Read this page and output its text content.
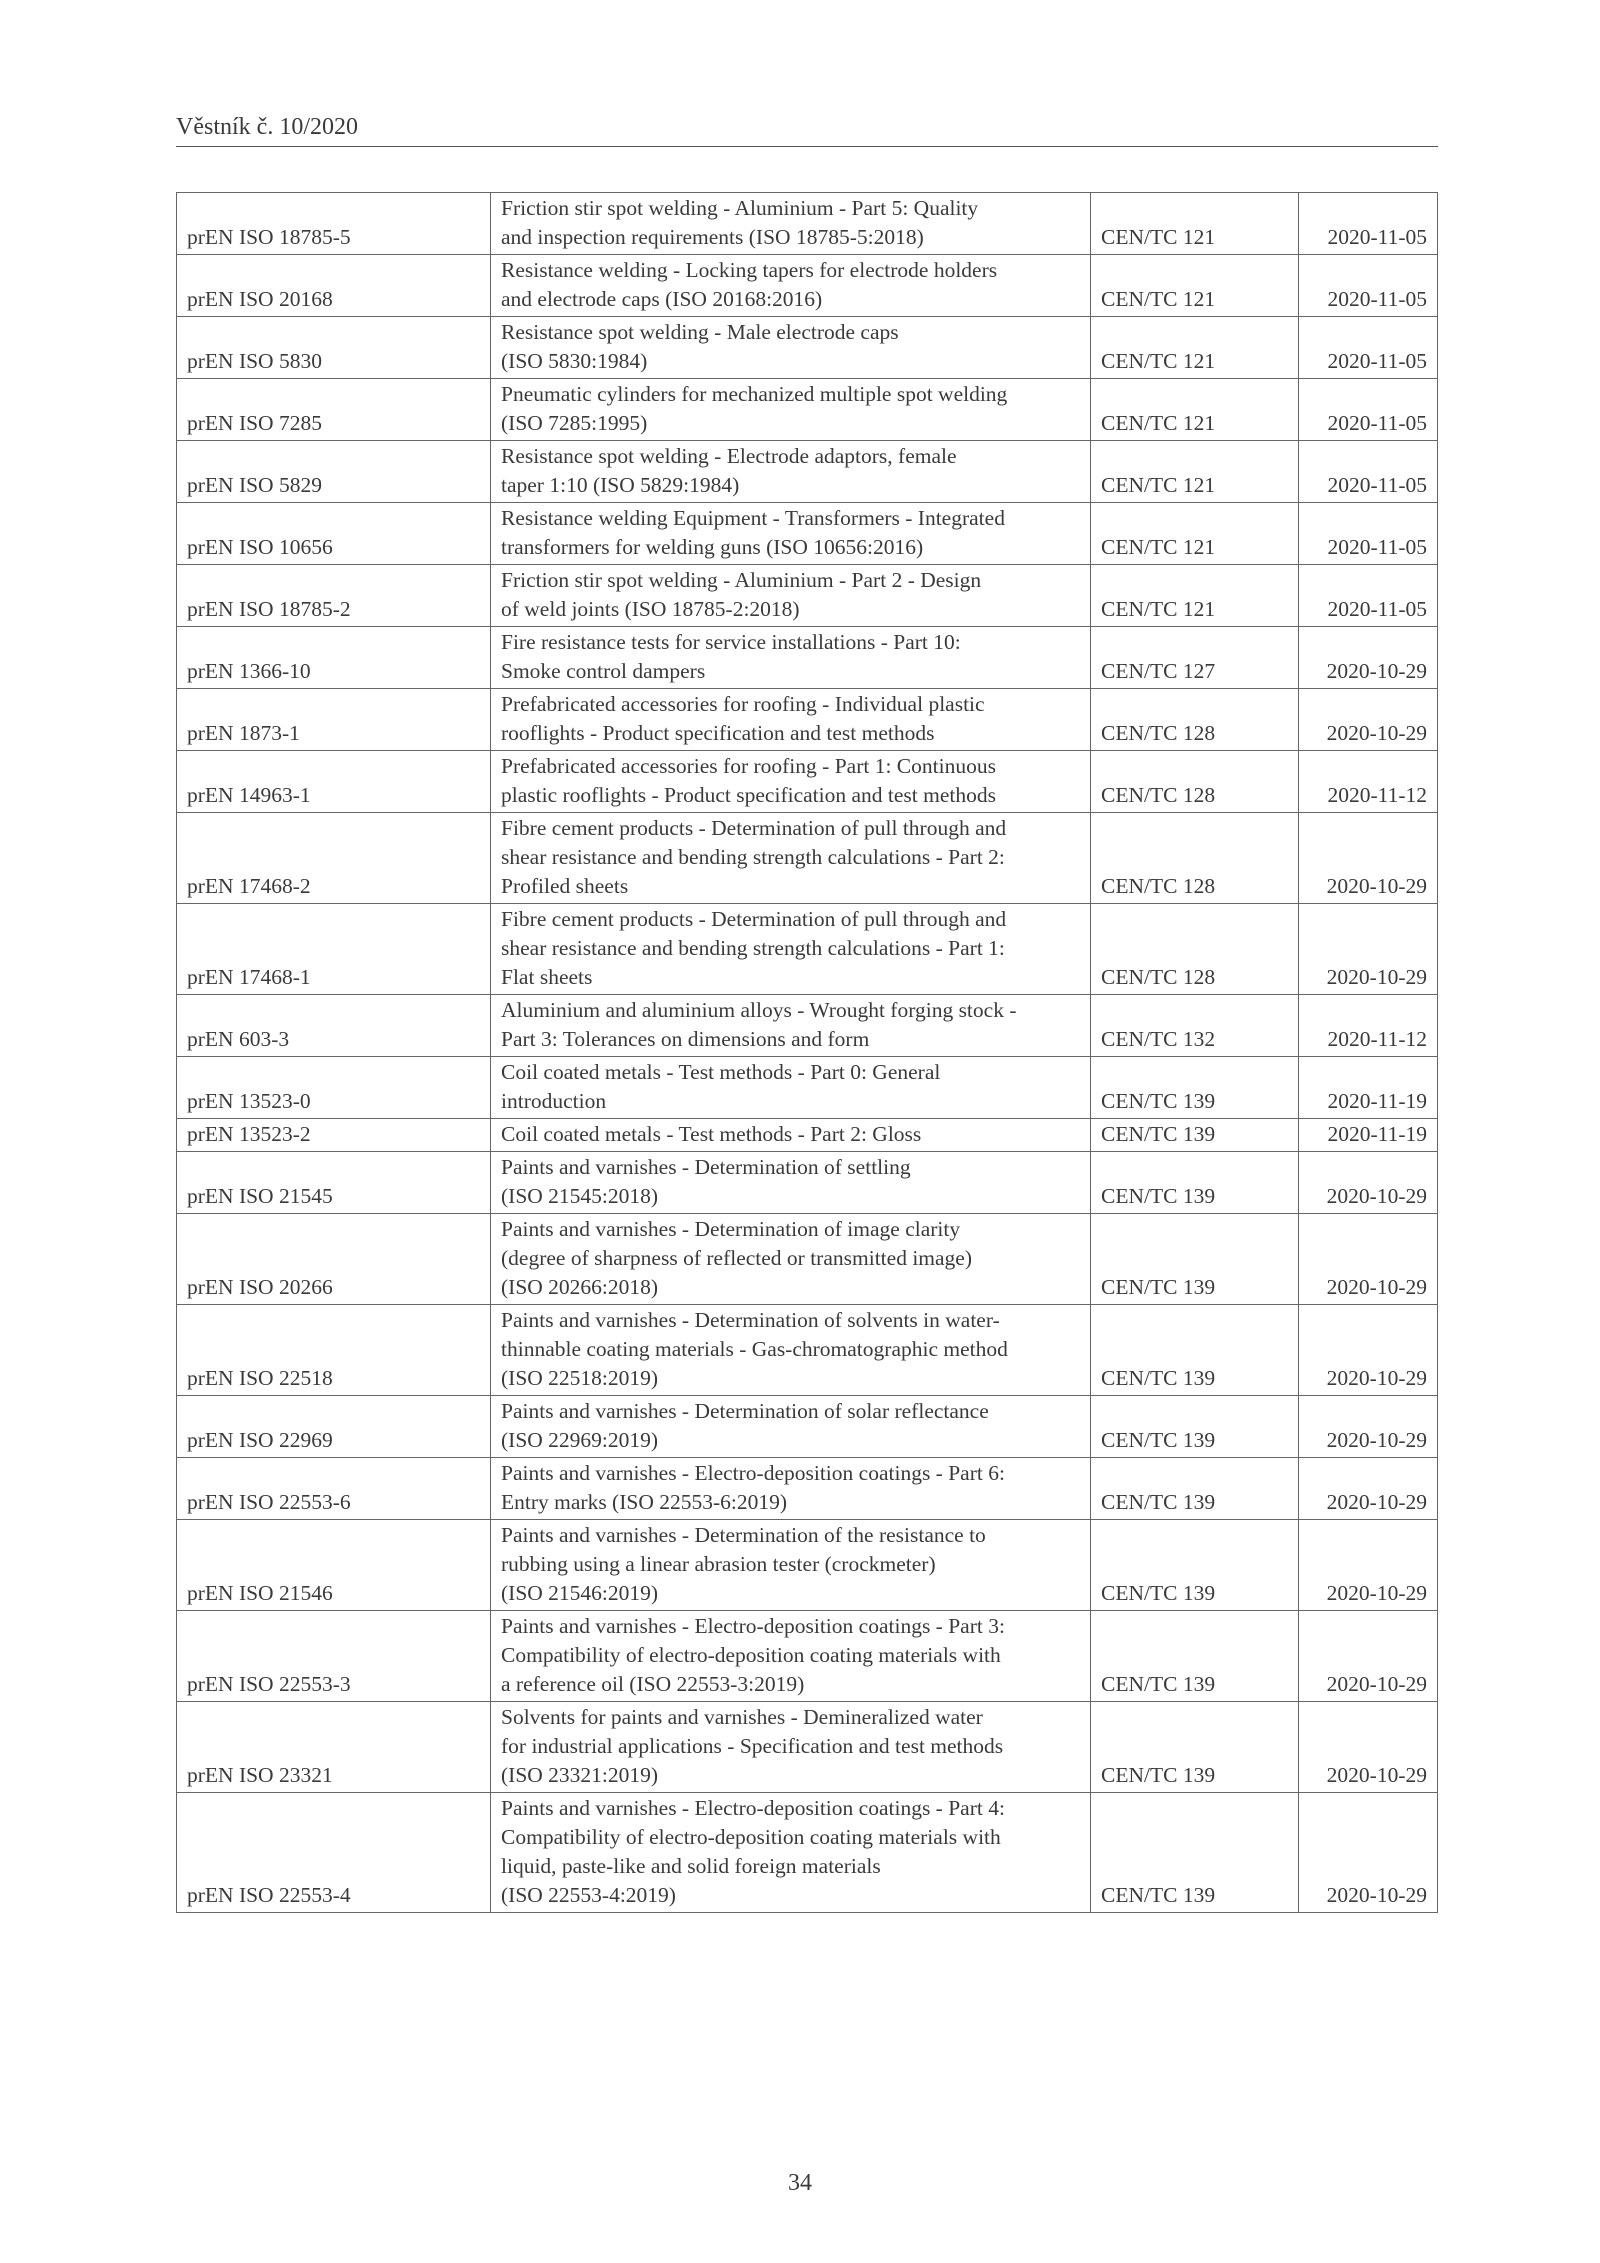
Věstník č. 10/2020
prEN ISO 18785-5	Friction stir spot welding - Aluminium - Part 5: Quality
and inspection requirements (ISO 18785-5:2018)	CEN/TC 121	2020-11-05
prEN ISO 20168	Resistance welding - Locking tapers for electrode holders
and electrode caps (ISO 20168:2016)	CEN/TC 121	2020-11-05
prEN ISO 5830	Resistance spot welding - Male electrode caps
(ISO 5830:1984)	CEN/TC 121	2020-11-05
prEN ISO 7285	Pneumatic cylinders for mechanized multiple spot welding
(ISO 7285:1995)	CEN/TC 121	2020-11-05
prEN ISO 5829	Resistance spot welding - Electrode adaptors, female
taper 1:10 (ISO 5829:1984)	CEN/TC 121	2020-11-05
prEN ISO 10656	Resistance welding Equipment - Transformers - Integrated
transformers for welding guns (ISO 10656:2016)	CEN/TC 121	2020-11-05
prEN ISO 18785-2	Friction stir spot welding - Aluminium - Part 2 - Design
of weld joints (ISO 18785-2:2018)	CEN/TC 121	2020-11-05
prEN 1366-10	Fire resistance tests for service installations - Part 10:
Smoke control dampers	CEN/TC 127	2020-10-29
prEN 1873-1	Prefabricated accessories for roofing - Individual plastic
rooflights - Product specification and test methods	CEN/TC 128	2020-10-29
prEN 14963-1	Prefabricated accessories for roofing - Part 1: Continuous
plastic rooflights - Product specification and test methods	CEN/TC 128	2020-11-12
prEN 17468-2	Fibre cement products - Determination of pull through and
shear resistance and bending strength calculations - Part 2:
Profiled sheets	CEN/TC 128	2020-10-29
prEN 17468-1	Fibre cement products - Determination of pull through and
shear resistance and bending strength calculations - Part 1:
Flat sheets	CEN/TC 128	2020-10-29
prEN 603-3	Aluminium and aluminium alloys - Wrought forging stock -
Part 3: Tolerances on dimensions and form	CEN/TC 132	2020-11-12
prEN 13523-0	Coil coated metals - Test methods - Part 0: General
introduction	CEN/TC 139	2020-11-19
prEN 13523-2	Coil coated metals - Test methods - Part 2: Gloss	CEN/TC 139	2020-11-19
prEN ISO 21545	Paints and varnishes - Determination of settling
(ISO 21545:2018)	CEN/TC 139	2020-10-29
prEN ISO 20266	Paints and varnishes - Determination of image clarity
(degree of sharpness of reflected or transmitted image)
(ISO 20266:2018)	CEN/TC 139	2020-10-29
prEN ISO 22518	Paints and varnishes - Determination of solvents in water-
thinnable coating materials - Gas-chromatographic method
(ISO 22518:2019)	CEN/TC 139	2020-10-29
prEN ISO 22969	Paints and varnishes - Determination of solar reflectance
(ISO 22969:2019)	CEN/TC 139	2020-10-29
prEN ISO 22553-6	Paints and varnishes - Electro-deposition coatings - Part 6:
Entry marks (ISO 22553-6:2019)	CEN/TC 139	2020-10-29
prEN ISO 21546	Paints and varnishes - Determination of the resistance to
rubbing using a linear abrasion tester (crockmeter)
(ISO 21546:2019)	CEN/TC 139	2020-10-29
prEN ISO 22553-3	Paints and varnishes - Electro-deposition coatings - Part 3:
Compatibility of electro-deposition coating materials with
a reference oil (ISO 22553-3:2019)	CEN/TC 139	2020-10-29
prEN ISO 23321	Solvents for paints and varnishes - Demineralized water
for industrial applications - Specification and test methods
(ISO 23321:2019)	CEN/TC 139	2020-10-29
prEN ISO 22553-4	Paints and varnishes - Electro-deposition coatings - Part 4:
Compatibility of electro-deposition coating materials with
liquid, paste-like and solid foreign materials
(ISO 22553-4:2019)	CEN/TC 139	2020-10-29
34
